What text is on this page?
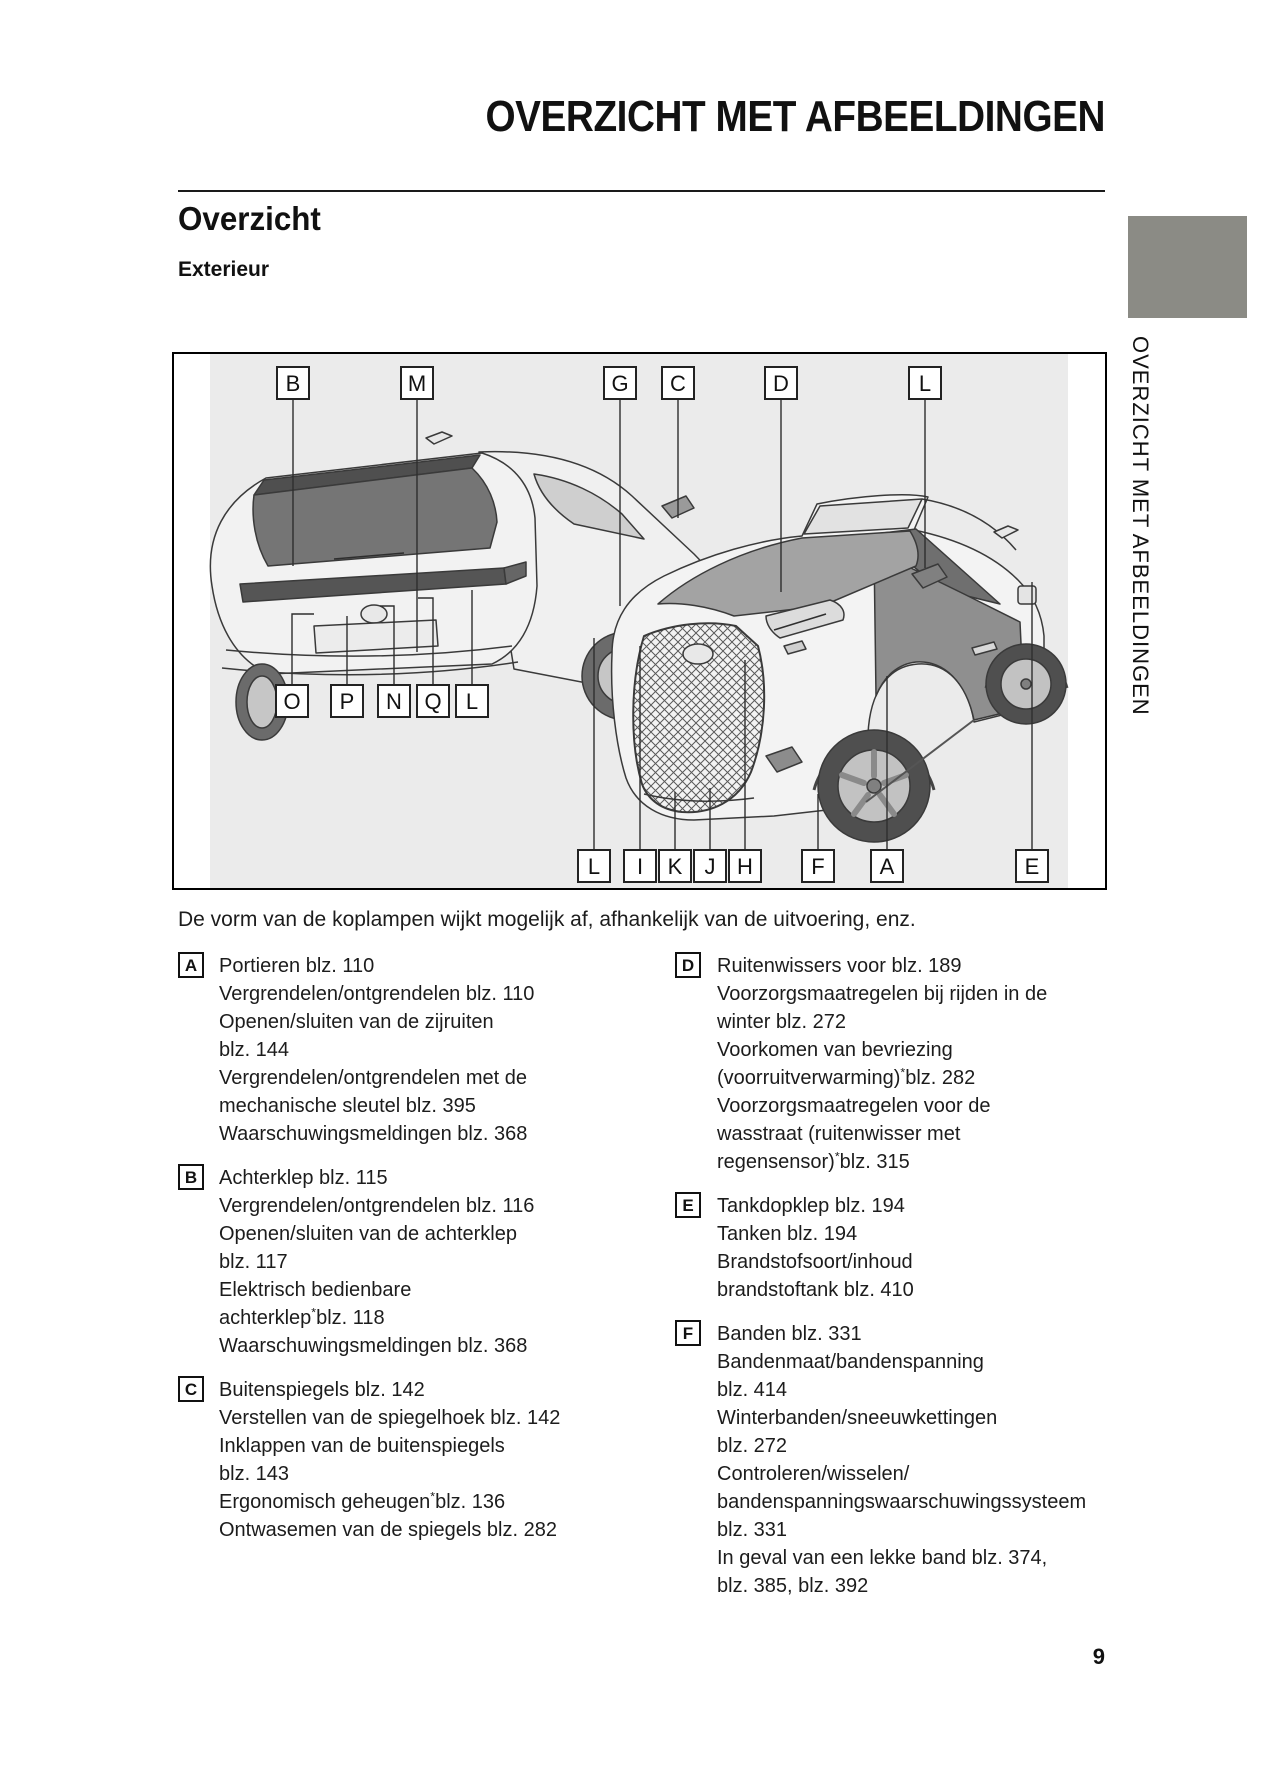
OVERZICHT MET AFBEELDINGEN
Overzicht
Exterieur
OVERZICHT MET AFBEELDINGEN
B	M	G C	D	L
O P N Q L
L I K J H	F A	E
De vorm van de koplampen wijkt mogelijk af, afhankelijk van de uitvoering, enz.
A	Portieren blz. 110
Vergrendelen/ontgrendelen blz. 110
Openen/sluiten van de zijruiten
blz. 144
Vergrendelen/ontgrendelen met de
mechanische sleutel blz. 395
Waarschuwingsmeldingen blz. 368
B	Achterklep blz. 115
Vergrendelen/ontgrendelen blz. 116
Openen/sluiten van de achterklep
blz. 117
Elektrisch bedienbare
achterklep*blz. 118
Waarschuwingsmeldingen blz. 368
C	Buitenspiegels blz. 142
Verstellen van de spiegelhoek blz. 142
Inklappen van de buitenspiegels
blz. 143
Ergonomisch geheugen*blz. 136
Ontwasemen van de spiegels blz. 282
D	Ruitenwissers voor blz. 189
Voorzorgsmaatregelen bij rijden in de
winter blz. 272
Voorkomen van bevriezing
(voorruitverwarming)*blz. 282
Voorzorgsmaatregelen voor de
wasstraat (ruitenwisser met
regensensor)*blz. 315
E	Tankdopklep blz. 194
Tanken blz. 194
Brandstofsoort/inhoud
brandstoftank blz. 410
F	Banden blz. 331
Bandenmaat/bandenspanning
blz. 414
Winterbanden/sneeuwkettingen
blz. 272
Controleren/wisselen/
bandenspanningswaarschuwingssysteem
blz. 331
In geval van een lekke band blz. 374,
blz. 385, blz. 392
9
